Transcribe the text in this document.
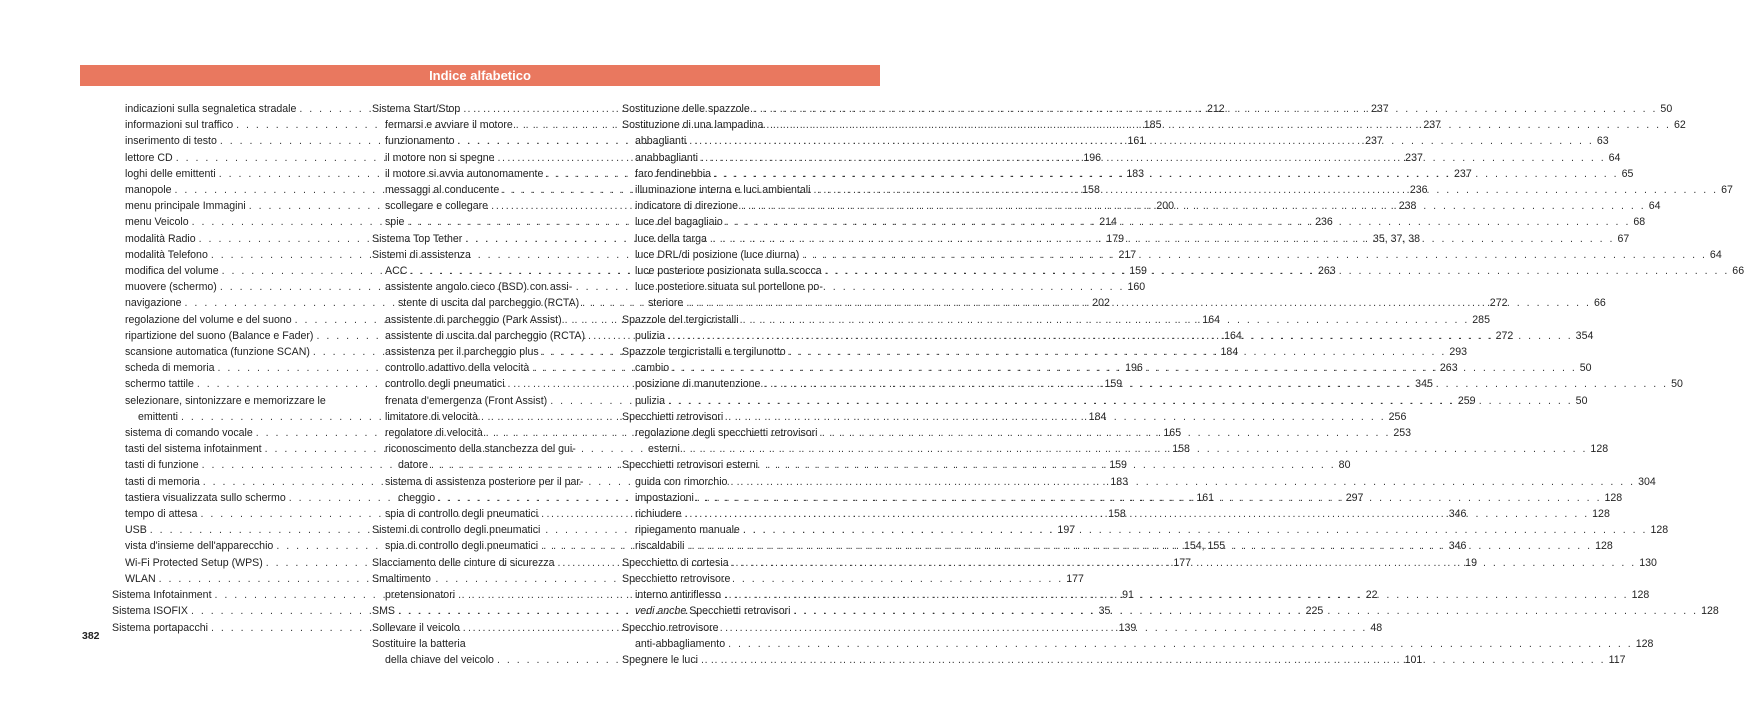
Indice alfabetico
indicazioni sulla segnaletica stradale . . .	212
informazioni sul traffico . . .	185
inserimento di testo . . .	161
lettore CD . . .	196
loghi delle emittenti . . .	183
manopole . . .	158
menu principale Immagini . . .	200
menu Veicolo . . .	214
modalità Radio . . .	179
modalità Telefono . . .	217
modifica del volume . . .	159
muovere (schermo) . . .	160
navigazione . . .	202
regolazione del volume e del suono . . .	164
ripartizione del suono (Balance e Fader) . . .	164
scansione automatica (funzione SCAN) . . .	184
scheda di memoria . . .	196
schermo tattile . . .	159
selezionare, sintonizzare e memorizzare le
emittenti . . .	184
sistema di comando vocale . . .	165
tasti del sistema infotainment . . .	158
tasti di funzione . . .	159
tasti di memoria . . .	183
tastiera visualizzata sullo schermo . . .	161
tempo di attesa . . .	158
USB . . .	197
vista d'insieme dell'apparecchio . . .	154, 155
Wi-Fi Protected Setup (WPS) . . .	177
WLAN . . .	177
Sistema Infotainment . . .	91
Sistema ISOFIX . . .	35
Sistema portapacchi . . .	139
Sistema Start/Stop . . .	237
fermarsi e avviare il motore . . .	237
funzionamento . . .	237
il motore non si spegne . . .	237
il motore si avvia autonomamente . . .	237
messaggi al conducente . . .	236
scollegare e collegare . . .	238
spie . . .	236
Sistema Top Tether . . .	35, 37, 38
Sistemi di assistenza
ACC . . .	263
assistente angolo cieco (BSD) con assi-
stente di uscita dal parcheggio (RCTA) . . .	272
assistente di parcheggio (Park Assist) . . .	285
assistente di uscita dal parcheggio (RCTA) . . .	272
assistenza per il parcheggio plus . . .	293
controllo adattivo della velocità . . .	263
controllo degli pneumatici . . .	345
frenata d'emergenza (Front Assist) . . .	259
limitatore di velocità . . .	256
regolatore di velocità . . .	253
riconoscimento della stanchezza del gui-
datore . . .	80
sistema di assistenza posteriore per il par-
cheggio . . .	297
spia di controllo degli pneumatici . . .	346
Sistemi di controllo degli pneumatici
spia di controllo degli pneumatici . . .	346
Slacciamento delle cinture di sicurezza . . .	19
Smaltimento
pretensionatori . . .	22
SMS . . .	225
Sollevare il veicolo . . .	48
Sostituire la batteria
della chiave del veicolo . . .	101
Sostituzione delle spazzole . . .	50
Sostituzione di una lampadina . . .	62
abbaglianti . . .	63
anabbaglianti . . .	64
faro fendinebbia . . .	65
illuminazione interna e luci ambientali . . .	67
indicatore di direzione . . .	64
luce del bagagliaio . . .	68
luce della targa . . .	67
luce DRL/di posizione (luce diurna) . . .	64
luce posteriore posizionata sulla scocca . . .	66
luce posteriore situata sul portellone po-
steriore . . .	66
Spazzole del tergicristalli
pulizia . . .	354
Spazzole tergicristalli e tergilunotto
cambio . . .	50
posizione di manutenzione . . .	50
pulizia . . .	50
Specchietti retrovisori
regolazione degli specchietti retrovisori
esterni . . .	128
Specchietti retrovisori esterni
guida con rimorchio . . .	304
impostazioni . . .	128
richiudere . . .	128
ripiegamento manuale . . .	128
riscaldabili . . .	128
Specchietto di cortesia . . .	130
Specchietto retrovisore
interno antiriflesso . . .	128
vedi anche Specchietti retrovisori . . .	128
Specchio retrovisore
anti-abbagliamento . . .	128
Spegnere le luci . . .	117
382
